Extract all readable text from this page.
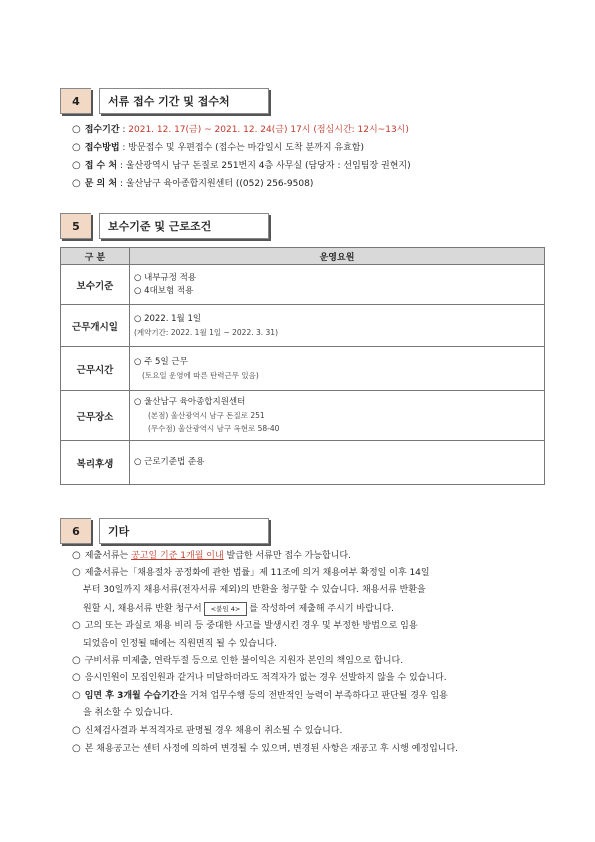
4	서류 접수 기간 및 접수처
○ 접수기간 : 2021. 12. 17(금) ~ 2021. 12. 24(금) 17시 (점심시간: 12시~13시)
○ 접수방법 : 방문접수 및 우편접수 (접수는 마감일시 도착 분까지 유효함)
○ 접 수 처 : 울산광역시 남구 돈질로 251번지 4층 사무실 (담당자 : 선임팀장 권현지)
○ 문 의 처 : 울산남구 육아종합지원센터 ((052) 256-9508)
5	보수기준 및 근로조건
구 분	운영요원
보수기준	○ 내부규정 적용
○ 4대보험 적용

근무개시일	○ 2022. 1월 1일
(계약기간: 2022. 1월 1일 ~ 2022. 3. 31)

근무시간	○ 주 5일 근무
(토요일 운영에 따른 탄력근무 있음)

근무장소	○ 울산남구 육아종합지원센터
(본점) 울산광역시 남구 돈질로 251
(무수점) 울산광역시 남구 옥현로 58-40

복리후생	○ 근로기준법 준용
6	기타
○ 제출서류는 공고일 기준 1개월 이내 발급한 서류만 접수 가능합니다.
○ 제출서류는「채용절차 공정화에 관한 법률」제 11조에 의거 채용여부 확정일 이후 14일
부터 30일까지 채용서류(전자서류 제외)의 반환을 청구할 수 있습니다. 채용서류 반환을
원할 시, 채용서류 반환 청구서 <붙임 4> 를 작성하여 제출해 주시기 바랍니다.
○ 고의 또는 과실로 채용 비리 등 중대한 사고를 발생시킨 경우 및 부정한 방법으로 임용
되었음이 인정될 때에는 직원면직 될 수 있습니다.
○ 구비서류 미제출, 연락두절 등으로 인한 불이익은 지원자 본인의 책임으로 합니다.
○ 응시인원이 모집인원과 같거나 미달하더라도 적격자가 없는 경우 선발하지 않을 수 있습니다.
○ 임면 후 3개월 수습기간을 거쳐 업무수행 등의 전반적인 능력이 부족하다고 판단될 경우 임용
을 취소할 수 있습니다.
○ 신체검사결과 부적격자로 판명될 경우 채용이 취소될 수 있습니다.
○ 본 채용공고는 센터 사정에 의하여 변경될 수 있으며, 변경된 사항은 재공고 후 시행 예정입니다.
